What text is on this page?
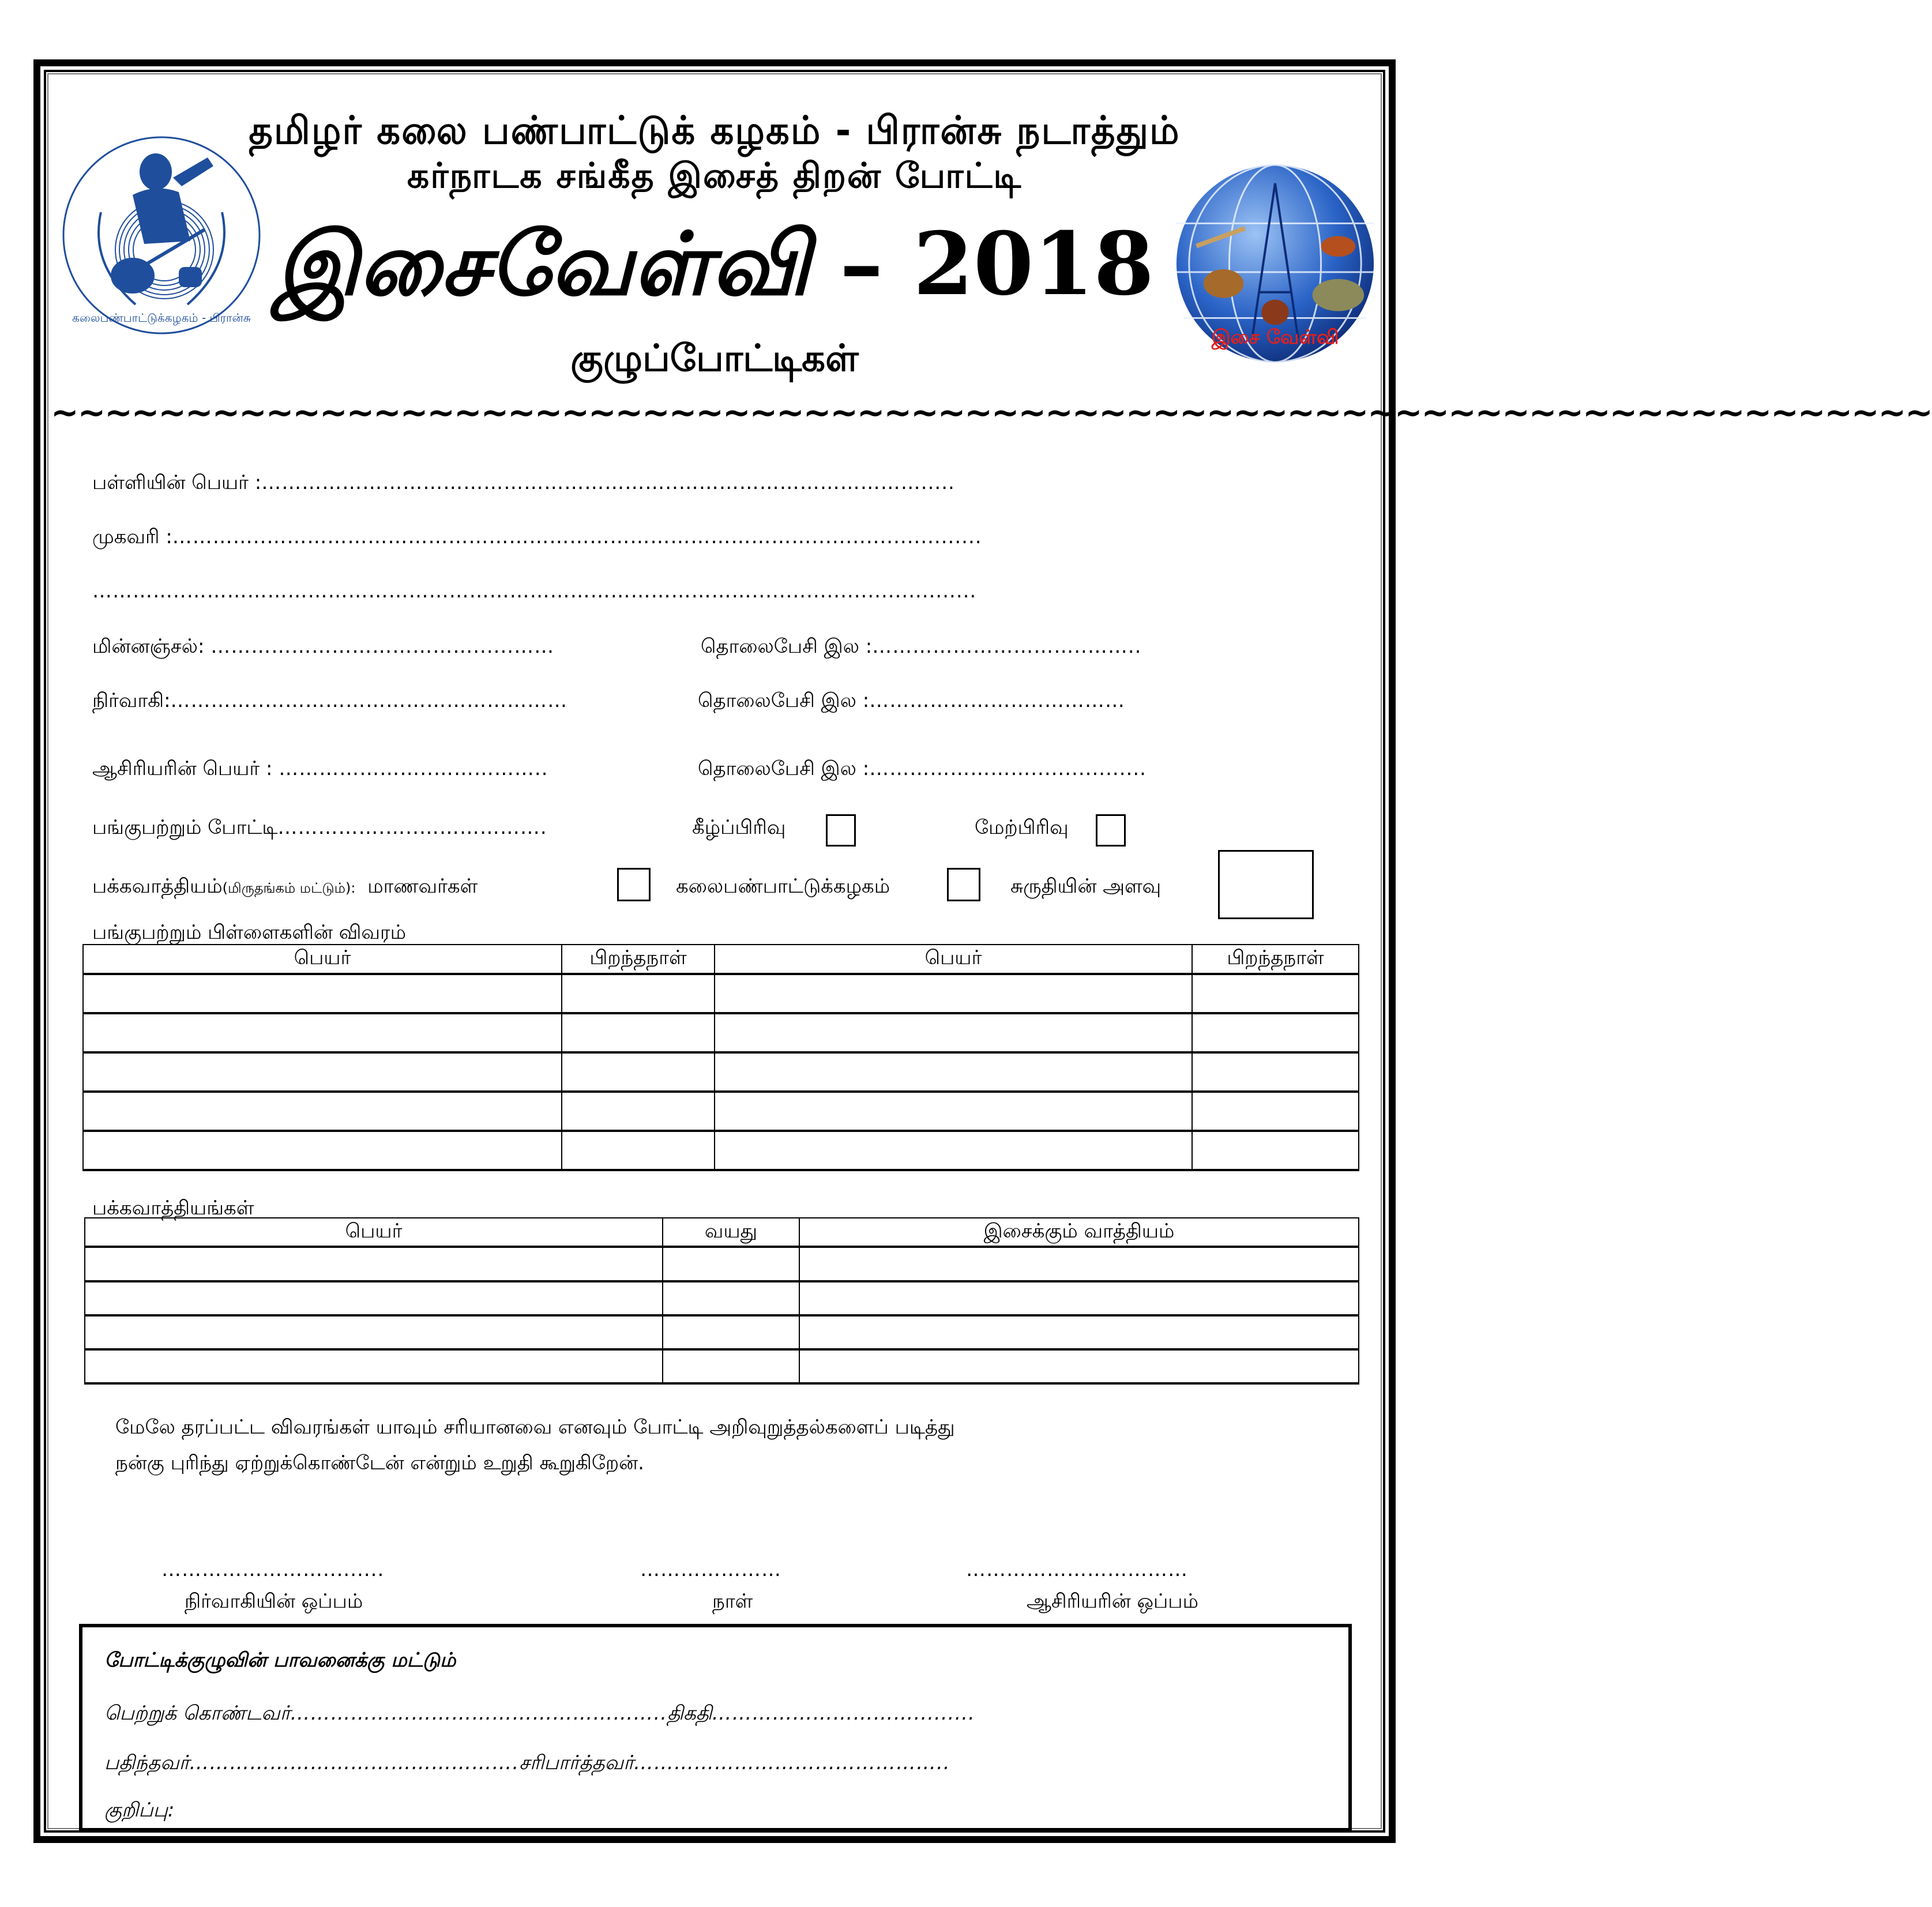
கலைபண்பாட்டுக்கழகம் - பிரான்சு
இசை வேள்வி
தமிழர் கலை பண்பாட்டுக் கழகம் - பிரான்சு நடாத்தும்
கர்நாடக சங்கீத இசைத் திறன் போட்டி
இசைவேள்வி – 2018
குழுப்போட்டிகள்
~~~~~~~~~~~~~~~~~~~~~~~~~~~~~~~~~~~~~~~~~~~~~~~~~~~~~~~~~~~~~~~~~~~~~~
பள்ளியின் பெயர் :……………………………………………………..……………………………….....
முகவரி :…………..……………………………………………………………………….........................
…………..………………………………………………………………………….................................
மின்னஞ்சல்: …………………………………......……	தொலைபேசி இல :…………………………..……..
நிர்வாகி:…………..………………………………………	தொலைபேசி இல :……………………..…………
ஆசிரியரின் பெயர் : …………………..……………..	தொலைபேசி இல :…………………….................
பங்குபற்றும் போட்டி…………….…..……………….	கீழ்ப்பிரிவு	மேற்பிரிவு
பக்கவாத்தியம்(மிருதங்கம் மட்டும்): மாணவர்கள்	கலைபண்பாட்டுக்கழகம்	சுருதியின் அளவு
பங்குபற்றும் பிள்ளைகளின் விவரம்
பெயர்	பிறந்தநாள்	பெயர்	பிறந்தநாள்

பக்கவாத்தியங்கள்
பெயர்	வயது	இசைக்கும் வாத்தியம்

மேலே தரப்பட்ட விவரங்கள் யாவும் சரியானவை எனவும் போட்டி அறிவுறுத்தல்களைப் படித்து
நன்கு புரிந்து ஏற்றுக்கொண்டேன் என்றும் உறுதி கூறுகிறேன்.
…………………….........
நிர்வாகியின் ஒப்பம்
…………………
நாள்
……………………………
ஆசிரியரின் ஒப்பம்
போட்டிக்குழுவின் பாவனைக்கு மட்டும்
பெற்றுக் கொண்டவர்………………………………………………..திகதி………………………….........
பதிந்தவர்………………………………………….சரிபார்த்தவர்………………………………………..
குறிப்பு:
